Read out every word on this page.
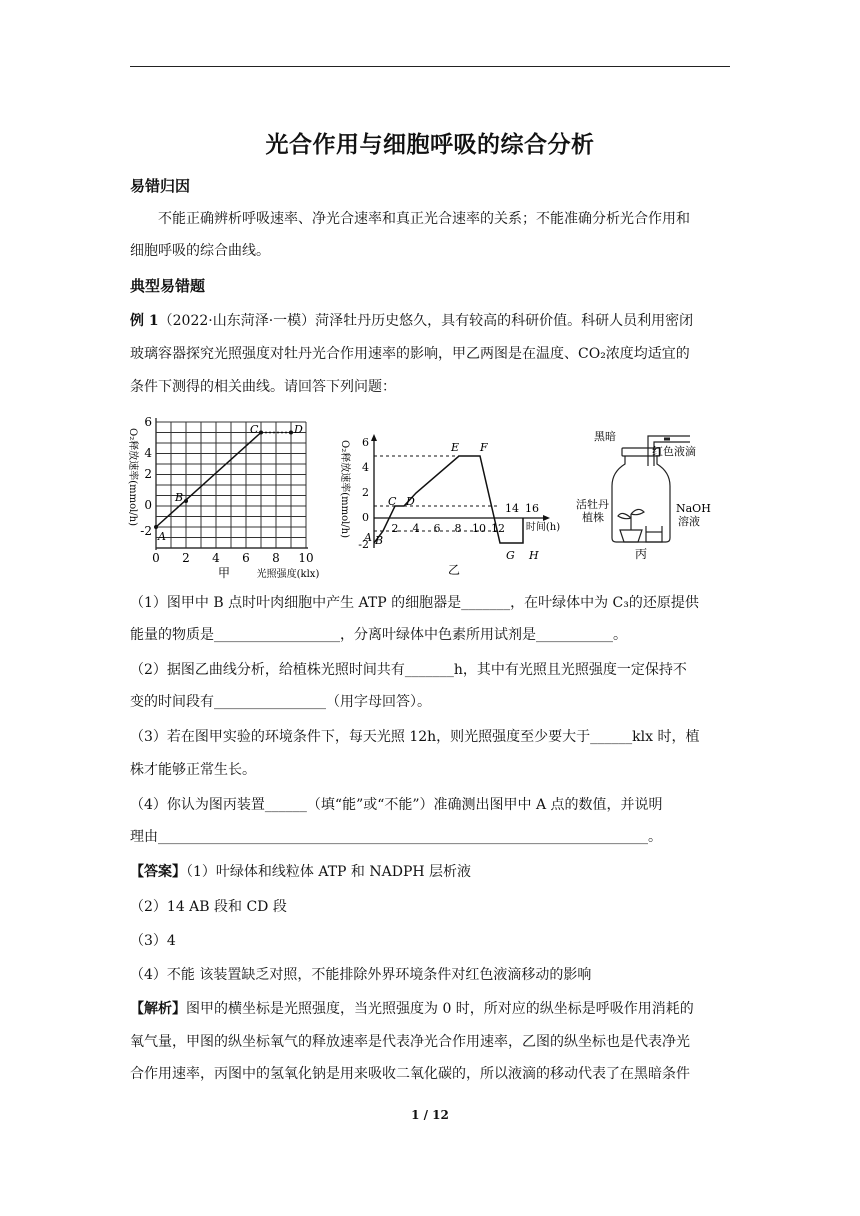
光合作用与细胞呼吸的综合分析
易错归因
不能正确辨析呼吸速率、净光合速率和真正光合速率的关系；不能准确分析光合作用和
细胞呼吸的综合曲线。
典型易错题
例 1（2022·山东菏泽·一模）菏泽牡丹历史悠久，具有较高的科研价值。科研人员利用密闭
玻璃容器探究光照强度对牡丹光合作用速率的影响，甲乙两图是在温度、CO₂浓度均适宜的
条件下测得的相关曲线。请回答下列问题：
A
B
C	D
6
4
2
0
-2
0 2 4 6 8 10
O₂释放速率(mmol/h)
甲	光照强度(klx)
A B
C D
E F
G H
6
4
2
0
-2
2 4 6 8 10 12
14 16
O₂释放速率(mmol/h)	时间(h)
乙
黑暗
红色液滴
活牡丹
植株
NaOH
溶液
丙
（1）图甲中 B 点时叶肉细胞中产生 ATP 的细胞器是_______，在叶绿体中为 C₃的还原提供
能量的物质是__________________，分离叶绿体中色素所用试剂是___________。
（2）据图乙曲线分析，给植株光照时间共有_______h，其中有光照且光照强度一定保持不
变的时间段有________________（用字母回答）。
（3）若在图甲实验的环境条件下，每天光照 12h，则光照强度至少要大于______klx 时，植
株才能够正常生长。
（4）你认为图丙装置______（填“能”或“不能”）准确测出图甲中 A 点的数值，并说明
理由______________________________________________________________________。
【答案】（1）叶绿体和线粒体 ATP 和 NADPH 层析液
（2）14 AB 段和 CD 段
（3）4
（4）不能 该装置缺乏对照，不能排除外界环境条件对红色液滴移动的影响
【解析】图甲的横坐标是光照强度，当光照强度为 0 时，所对应的纵坐标是呼吸作用消耗的
氧气量，甲图的纵坐标氧气的释放速率是代表净光合作用速率，乙图的纵坐标也是代表净光
合作用速率，丙图中的氢氧化钠是用来吸收二氧化碳的，所以液滴的移动代表了在黑暗条件
1 / 12
